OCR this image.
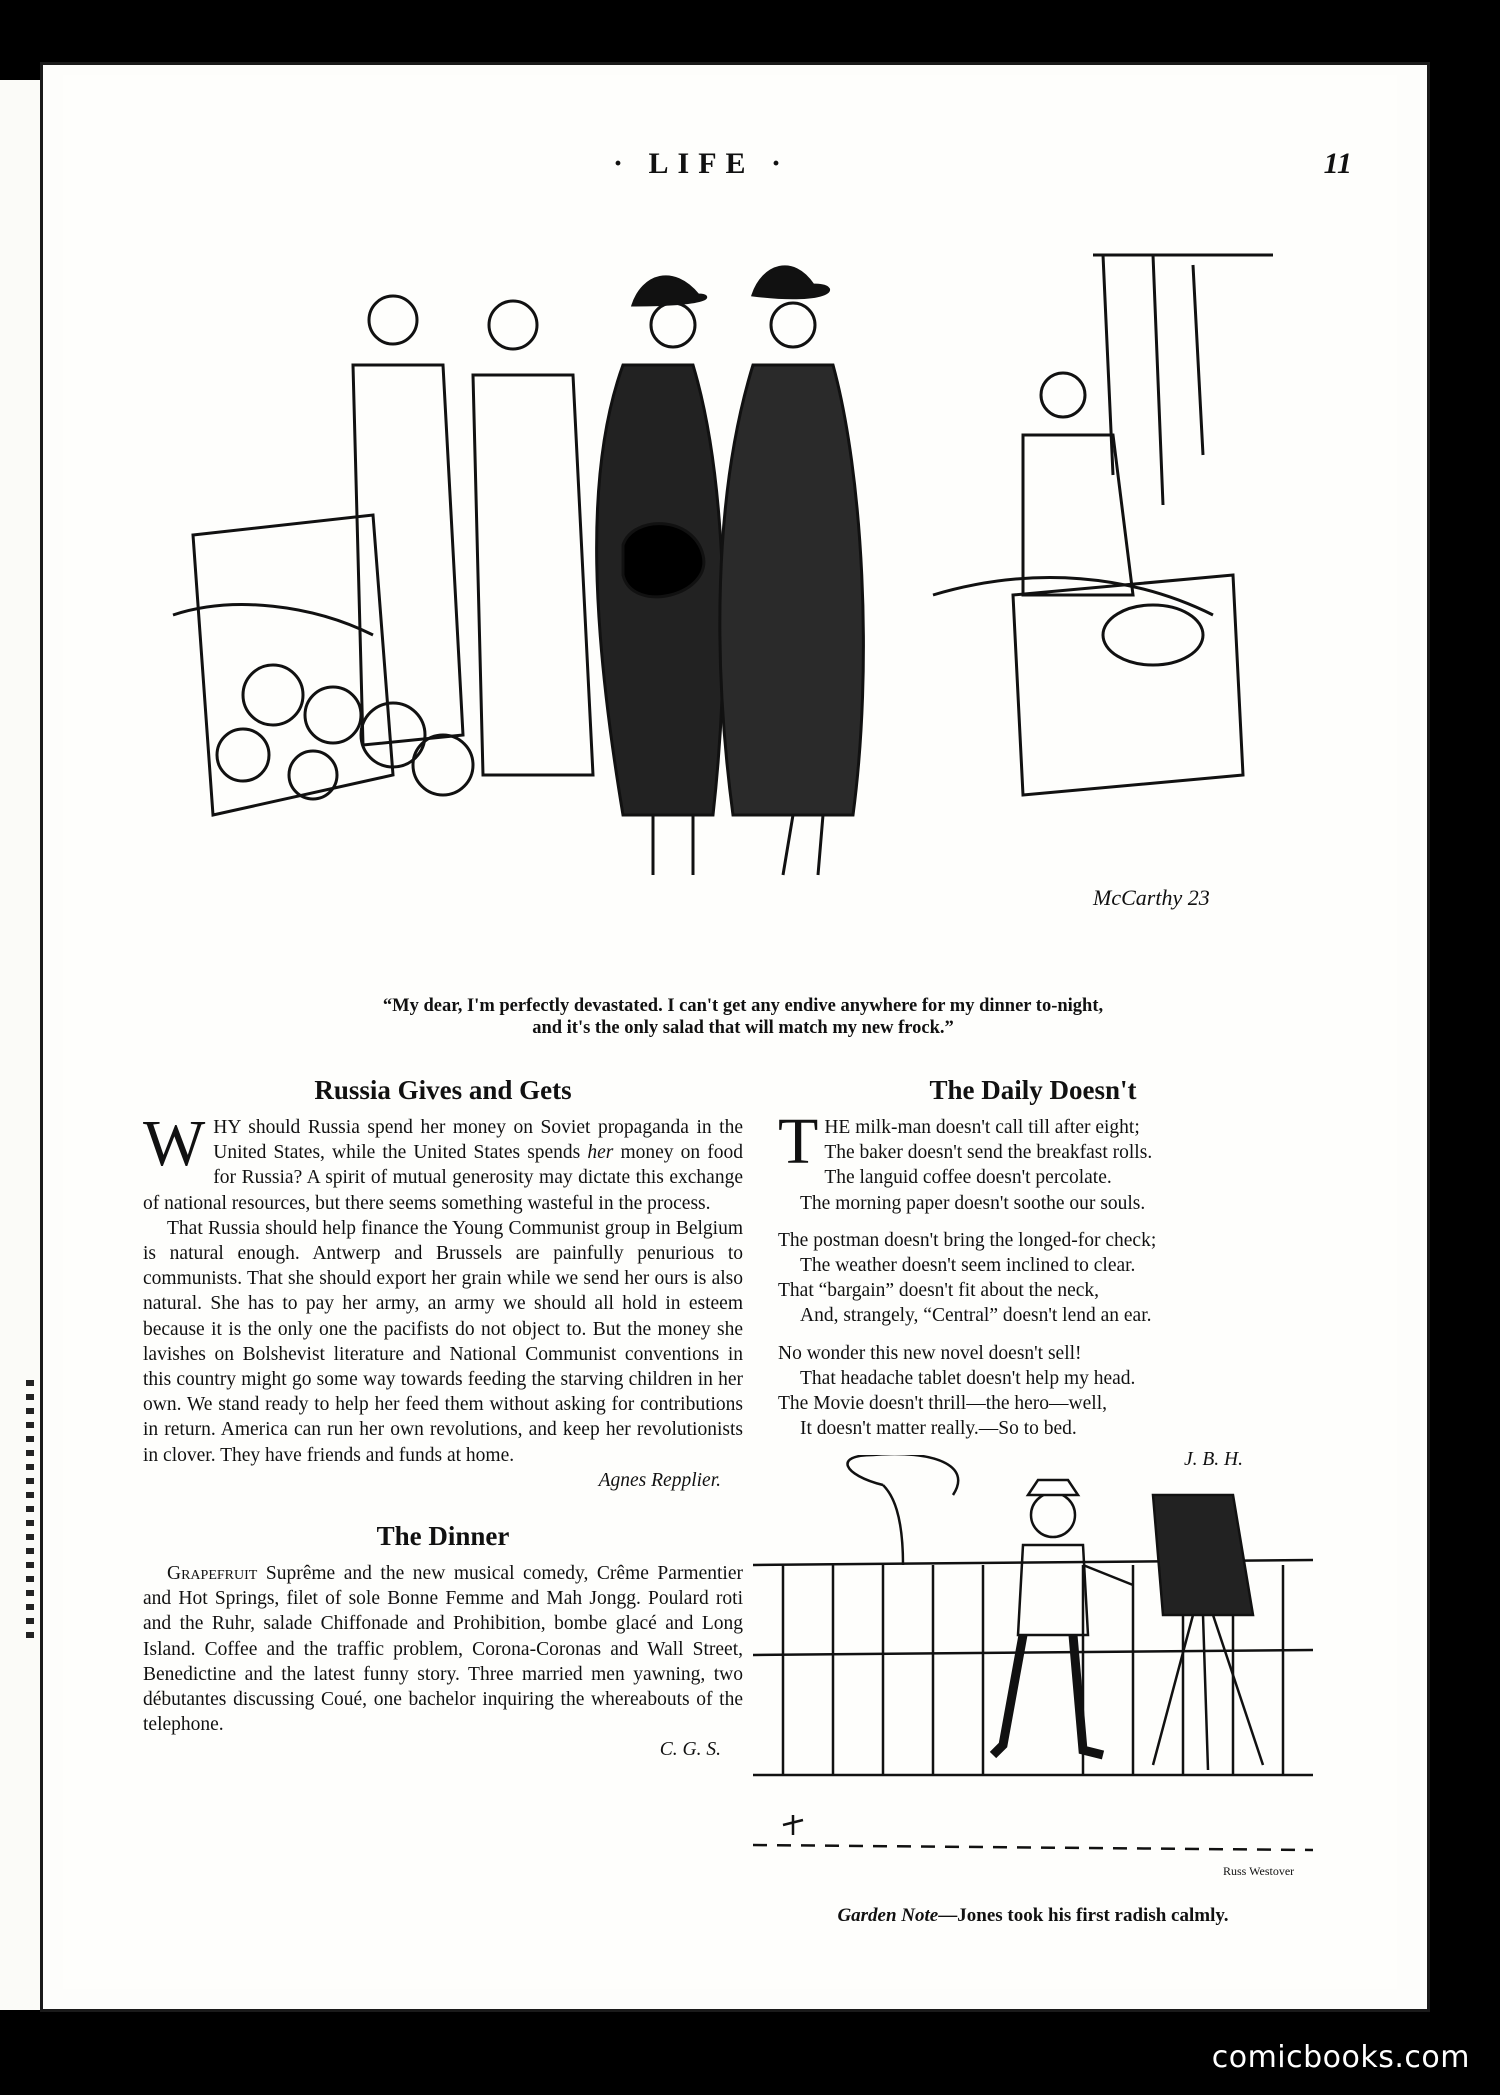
· LIFE ·	11
McCarthy 23
“My dear, I'm perfectly devastated. I can't get any endive anywhere for my dinner to-night,
and it's the only salad that will match my new frock.”
Russia Gives and Gets
WHY should Russia spend her money on Soviet propaganda in the United States, while the United States spends her money on food for Russia? A spirit of mutual generosity may dictate this exchange of national resources, but there seems something wasteful in the process.

That Russia should help finance the Young Communist group in Belgium is natural enough. Antwerp and Brussels are painfully penurious to communists. That she should export her grain while we send her ours is also natural. She has to pay her army, an army we should all hold in esteem because it is the only one the pacifists do not object to. But the money she lavishes on Bolshevist literature and National Communist conventions in this country might go some way towards feeding the starving children in her own. We stand ready to help her feed them without asking for contributions in return. America can run her own revolutions, and keep her revolutionists in clover. They have friends and funds at home.

Agnes Repplier.
The Dinner

Grapefruit Suprême and the new musical comedy, Crême Parmentier and Hot Springs, filet of sole Bonne Femme and Mah Jongg. Poulard roti and the Ruhr, salade Chiffonade and Prohibition, bombe glacé and Long Island. Coffee and the traffic problem, Corona-Coronas and Wall Street, Benedictine and the latest funny story. Three married men yawning, two débutantes discussing Coué, one bachelor inquiring the whereabouts of the telephone.

C. G. S.
The Daily Doesn't
T HE milk-man doesn't call till after eight;
The baker doesn't send the breakfast rolls.
The languid coffee doesn't percolate.
The morning paper doesn't soothe our souls.
The postman doesn't bring the longed-for check;
The weather doesn't seem inclined to clear.
That “bargain” doesn't fit about the neck,
And, strangely, “Central” doesn't lend an ear.
No wonder this new novel doesn't sell!
That headache tablet doesn't help my head.
The Movie doesn't thrill—the hero—well,
It doesn't matter really.—So to bed.
J. B. H.
Russ Westover
Garden Note—Jones took his first radish calmly.
comicbooks.com
